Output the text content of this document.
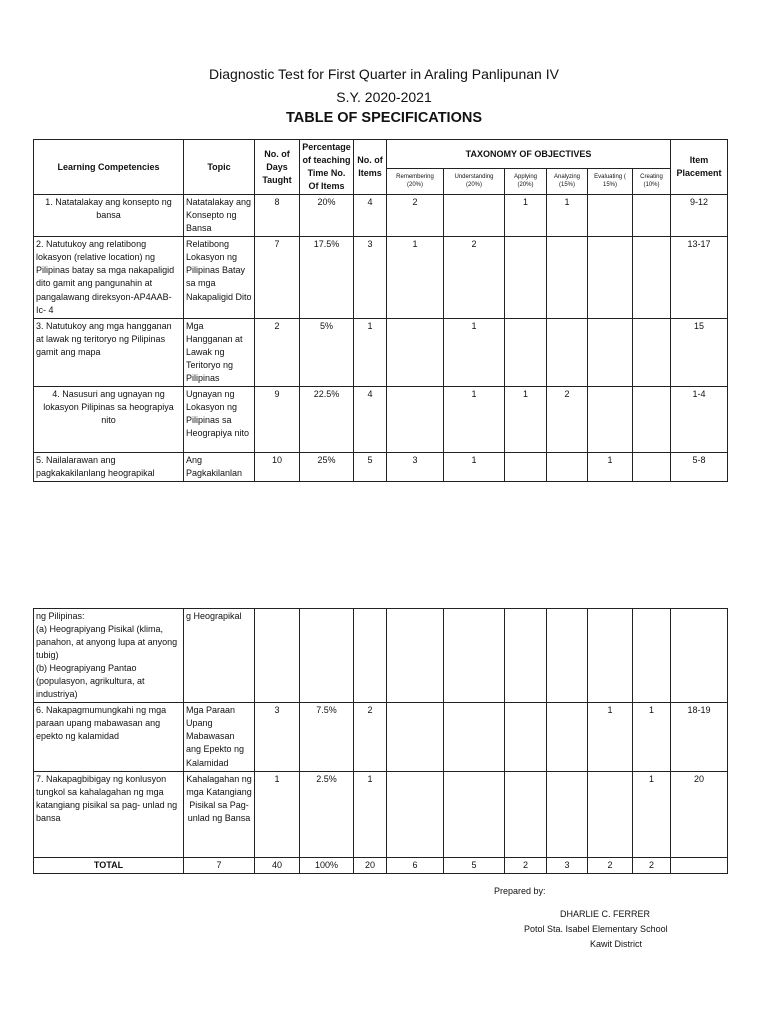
Diagnostic Test for First Quarter in Araling Panlipunan IV
S.Y. 2020-2021
TABLE OF SPECIFICATIONS
Learning Competencies	Topic	No. of Days Taught	Percentage of teaching Time No. Of Items	No. of Items	TAXONOMY OF OBJECTIVES						Item Placement
					Remembering (20%)	Understanding (20%)	Applying (20%)	Analyzing (15%)	Evaluating ( 15%)	Creating (10%)	
1. Natatalakay ang konsepto ng bansa	Natatalakay ang Konsepto ng Bansa	8	20%	4	2		1	1			9-12
2. Natutukoy ang relatibong lokasyon (relative location) ng Pilipinas batay sa mga nakapaligid dito gamit ang pangunahin at pangalawang direksyon-AP4AAB-Ic- 4	Relatibong Lokasyon ng Pilipinas Batay sa mga Nakapaligid Dito	7	17.5%	3	1	2					13-17
3. Natutukoy ang mga hangganan at lawak ng teritoryo ng Pilipinas gamit ang mapa	Mga Hangganan at Lawak ng Teritoryo ng Pilipinas	2	5%	1		1					15
4. Nasusuri ang ugnayan ng lokasyon Pilipinas sa heograpiya nito	Ugnayan ng Lokasyon ng Pilipinas sa Heograpiya nito	9	22.5%	4		1	1	2			1-4
5. Nailalarawan ang pagkakakilanlang heograpikal	Ang Pagkakilanlan	10	25%	5	3	1			1		5-8
ng Pilipinas:
(a) Heograpiyang Pisikal (klima, panahon, at anyong lupa at anyong tubig)
(b) Heograpiyang Pantao (populasyon, agrikultura, at industriya)	g Heograpikal										
6. Nakapagmumungkahi ng mga paraan upang mabawasan ang epekto ng kalamidad	Mga Paraan Upang Mabawasan ang Epekto ng Kalamidad	3	7.5%	2					1	1	18-19
7. Nakapagbibigay ng konlusyon tungkol sa kahalagahan ng mga katangiang pisikal sa pag- unlad ng bansa	Kahalagahan ng mga Katangiang Pisikal sa Pag-unlad ng Bansa	1	2.5%	1						1	20
TOTAL	7	40	100%	20	6	5	2	3	2	2	
Prepared by:
DHARLIE C. FERRER
Potol Sta. Isabel Elementary School
Kawit District
